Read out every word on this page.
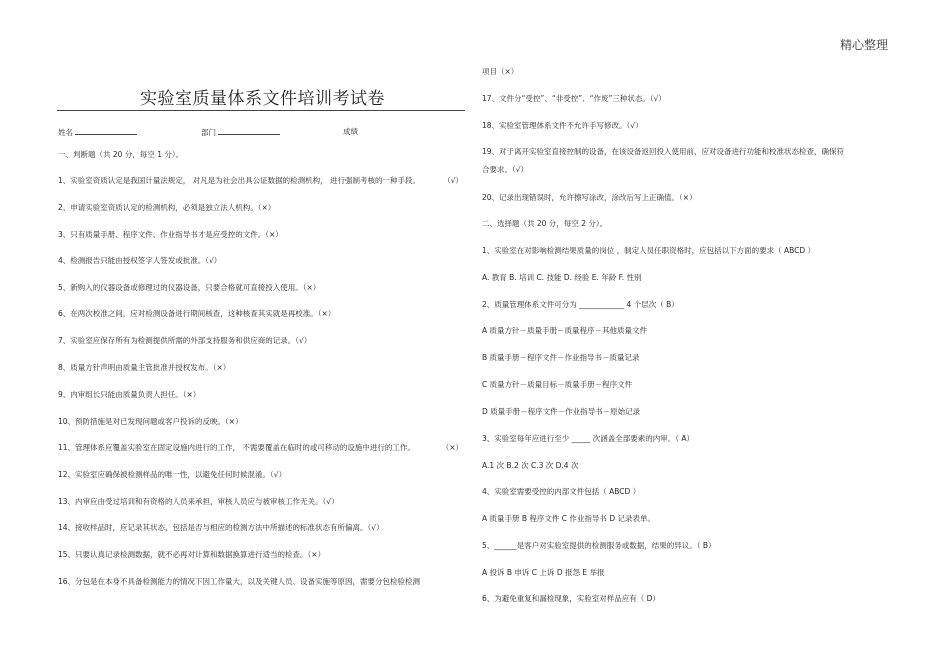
精心整理
实验室质量体系文件培训考试卷
姓名	部门	成绩
一、判断题（共 20 分，每空 1 分）。
1、实验室资质认定是我国计量法规定， 对凡是为社会出具公证数据的检测机构， 进行强制考核的一种手段。	（√）
2、申请实验室资质认定的检测机构，必须是独立法人机构。（×）
3、只有质量手册、程序文件、作业指导书才是应受控的文件。（×）
4、检测报告只能由授权签字人签发或批准。（√）
5、新购入的仪器设备或修理过的仪器设备，只要合格就可直接投入使用。（×）
6、在两次校准之间，应对检测设备进行期间核查，这种核查其实就是再校准。（×）
7、实验室应保存所有为检测提供所需的外部支持服务和供应商的记录。（√）
8、质量方针声明由质量主管批准并授权发布。（×）
9、内审组长只能由质量负责人担任。（×）
10、预防措施是对已发现问题或客户投诉的反映。（×）
11、管理体系应覆盖实验室在固定设施内进行的工作， 不需要覆盖在临时的或可移动的设施中进行的工作。	（×）
12、实验室应确保被检测样品的唯一性，以避免任何时候混淆。（√）
13、内审应由受过培训和有资格的人员来承担，审核人员应与被审核工作无关。（√）
14、接收样品时，应记录其状态，包括是否与相应的检测方法中所描述的标准状态有所偏离。（√）
15、只要认真记录检测数据，就不必再对计算和数据换算进行适当的检查。（×）
16、分包是在本身不具备检测能力的情况下因工作量大，以及关键人员、设备实施等原因，需要分包检验检测
项目（×）
17、文件分“受控”、“非受控”、“作废”三种状态。（√）
18、实验室管理体系文件不允许手写修改。（√）
19、对于离开实验室直接控制的设备，在该设备返回投入使用前，应对设备进行功能和校准状态检查，确保符
合要求。（√）
20、记录出现错误时，允许擦写涂改，涂改后写上正确值。（×）
二、选择题（共 20 分，每空 2 分）。
1、实验室在对影响检测结果质量的岗位 ，制定人员任职资格时，应包括以下方面的要求（ ABCD ）
A. 教育 B. 培训 C. 技能 D. 经验 E. 年龄 F. 性别
2、质量管理体系文件可分为 ____________ 4 个层次（ B）
A 质量方针－质量手册－质量程序－其他质量文件
B 质量手册－程序文件－作业指导书－质量记录
C 质量方针－质量目标－质量手册－程序文件
D 质量手册－程序文件－作业指导书－原始记录
3、实验室每年应进行至少 _____ 次涵盖全部要素的内审。（ A）
A.1 次 B.2 次 C.3 次 D.4 次
4、实验室需要受控的内部文件包括（ ABCD ）
A 质量手册 B 程序文件 C 作业指导书 D 记录表单。
5、______是客户对实验室提供的检测服务或数据，结果的异议。（ B）
A 投诉 B 申诉 C 上诉 D 报怨 E 举报
6、为避免重复和漏检现象，实验室对样品应有（ D）
